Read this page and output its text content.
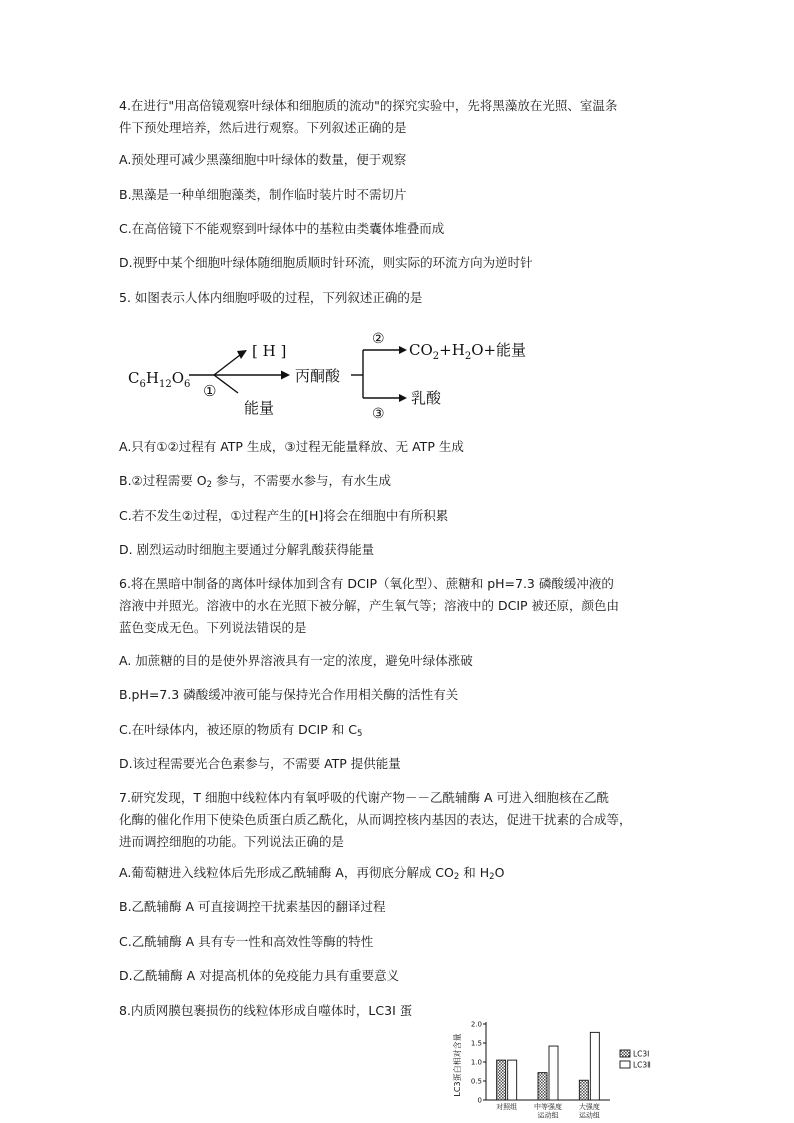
4.在进行"用高倍镜观察叶绿体和细胞质的流动"的探究实验中，先将黑藻放在光照、室温条
件下预处理培养，然后进行观察。下列叙述正确的是
A.预处理可减少黑藻细胞中叶绿体的数量，便于观察
B.黑藻是一种单细胞藻类，制作临时装片时不需切片
C.在高倍镜下不能观察到叶绿体中的基粒由类囊体堆叠而成
D.视野中某个细胞叶绿体随细胞质顺时针环流，则实际的环流方向为逆时针
5. 如图表示人体内细胞呼吸的过程，下列叙述正确的是
$C_6H_{12}O_6$ ①
[ H ]
能量
丙酮酸
②
$CO_2+H_2O+$能量
③
乳酸
A.只有①②过程有 ATP 生成，③过程无能量释放、无 ATP 生成
B.②过程需要 $O_2$ 参与，不需要水参与，有水生成
C.若不发生②过程，①过程产生的[H]将会在细胞中有所积累
D. 剧烈运动时细胞主要通过分解乳酸获得能量
6.将在黑暗中制备的离体叶绿体加到含有 DCIP（氧化型）、蔗糖和 pH=7.3 磷酸缓冲液的
溶液中并照光。溶液中的水在光照下被分解，产生氧气等；溶液中的 DCIP 被还原，颜色由
蓝色变成无色。下列说法错误的是
A. 加蔗糖的目的是使外界溶液具有一定的浓度，避免叶绿体涨破
B.pH=7.3 磷酸缓冲液可能与保持光合作用相关酶的活性有关
C.在叶绿体内，被还原的物质有 DCIP 和 $C_5$
D.该过程需要光合色素参与，不需要 ATP 提供能量
7.研究发现，T 细胞中线粒体内有氧呼吸的代谢产物－－乙酰辅酶 A 可进入细胞核在乙酰
化酶的催化作用下使染色质蛋白质乙酰化，从而调控核内基因的表达，促进干扰素的合成等，
进而调控细胞的功能。下列说法正确的是
A.葡萄糖进入线粒体后先形成乙酰辅酶 A，再彻底分解成 $CO_2$ 和 $H_2O$
B.乙酰辅酶 A 可直接调控干扰素基因的翻译过程
C.乙酰辅酶 A 具有专一性和高效性等酶的特性
D.乙酰辅酶 A 对提高机体的免疫能力具有重要意义
8.内质网膜包裹损伤的线粒体形成自噬体时，LC3I 蛋
LC3蛋白相对含量
0
0.5
1.0
1.5
2.0
对照组 中等强度
运动组
大强度
运动组
LC3Ⅰ
LC3Ⅱ
